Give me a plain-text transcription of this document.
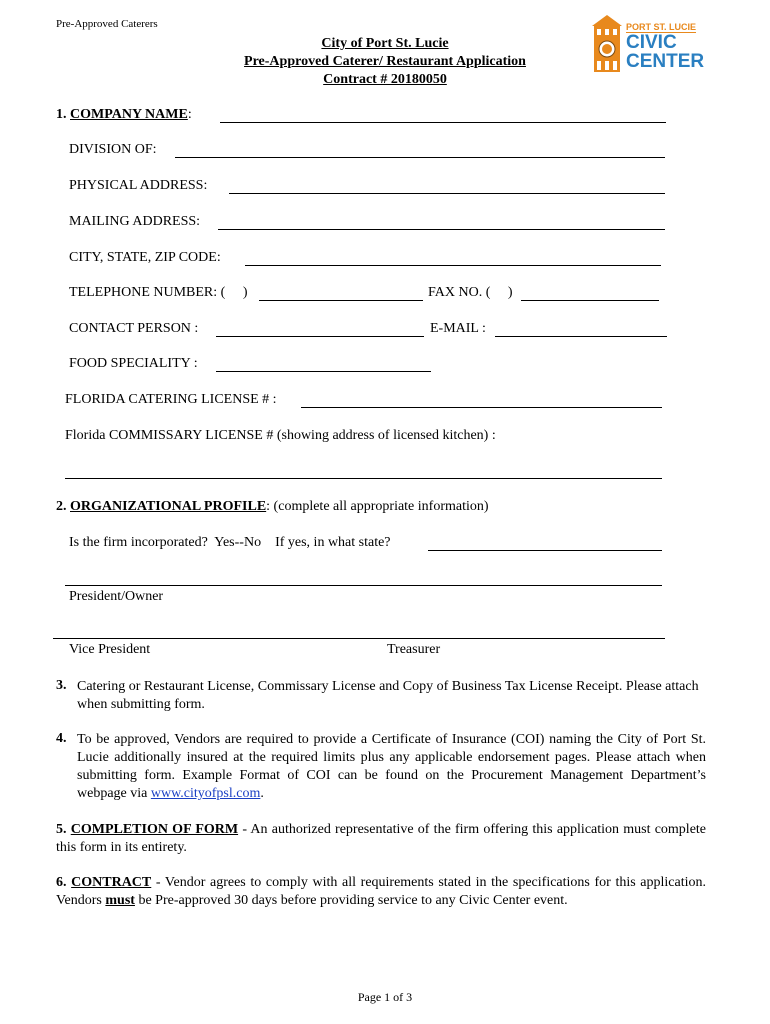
Pre-Approved Caterers
City of Port St. Lucie
Pre-Approved Caterer/ Restaurant Application
Contract # 20180050
PORT ST. LUCIE
CIVIC
CENTER
1. COMPANY NAME:
DIVISION OF:
PHYSICAL ADDRESS:
MAILING ADDRESS:
CITY, STATE, ZIP CODE:
TELEPHONE NUMBER: (     )	FAX NO. (     )
CONTACT PERSON :	E-MAIL :
FOOD SPECIALITY :
FLORIDA CATERING LICENSE # :
Florida COMMISSARY LICENSE # (showing address of licensed kitchen) :
2. ORGANIZATIONAL PROFILE: (complete all appropriate information)
Is the firm incorporated?  Yes--No    If yes, in what state?
President/Owner
Vice President	Treasurer
3. Catering or Restaurant License, Commissary License and Copy of Business Tax License Receipt. Please attach when submitting form.
4. To be approved, Vendors are required to provide a Certificate of Insurance (COI) naming the City of Port St. Lucie additionally insured at the required limits plus any applicable endorsement pages. Please attach when submitting form. Example Format of COI can be found on the Procurement Management Department’s webpage via www.cityofpsl.com.
5. COMPLETION OF FORM - An authorized representative of the firm offering this application must complete this form in its entirety.
6. CONTRACT - Vendor agrees to comply with all requirements stated in the specifications for this application. Vendors must be Pre-approved 30 days before providing service to any Civic Center event.
Page 1 of 3
